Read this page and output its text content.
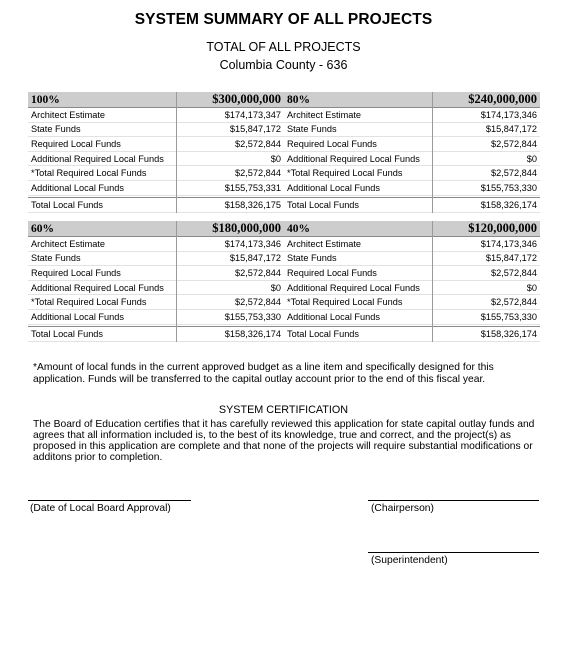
SYSTEM SUMMARY OF ALL PROJECTS
TOTAL OF ALL PROJECTS
Columbia County - 636
100%	$300,000,000
Architect Estimate	$174,173,347
State Funds	$15,847,172
Required Local Funds	$2,572,844
Additional Required Local Funds	$0
*Total Required Local Funds	$2,572,844
Additional Local Funds	$155,753,331
Total Local Funds	$158,326,175
80%	$240,000,000
Architect Estimate	$174,173,346
State Funds	$15,847,172
Required Local Funds	$2,572,844
Additional Required Local Funds	$0
*Total Required Local Funds	$2,572,844
Additional Local Funds	$155,753,330
Total Local Funds	$158,326,174
60%	$180,000,000
Architect Estimate	$174,173,346
State Funds	$15,847,172
Required Local Funds	$2,572,844
Additional Required Local Funds	$0
*Total Required Local Funds	$2,572,844
Additional Local Funds	$155,753,330
Total Local Funds	$158,326,174
40%	$120,000,000
Architect Estimate	$174,173,346
State Funds	$15,847,172
Required Local Funds	$2,572,844
Additional Required Local Funds	$0
*Total Required Local Funds	$2,572,844
Additional Local Funds	$155,753,330
Total Local Funds	$158,326,174
*Amount of local funds in the current approved budget as a line item and specifically designed for this application. Funds will be transferred to the capital outlay account prior to the end of this fiscal year.
SYSTEM CERTIFICATION
The Board of Education certifies that it has carefully reviewed this application for state capital outlay funds and agrees that all information included is, to the best of its knowledge, true and correct, and the project(s) as proposed in this application are complete and that none of the projects will require substantial modifications or additons prior to completion.
(Date of Local Board Approval)	(Chairperson)
(Superintendent)
